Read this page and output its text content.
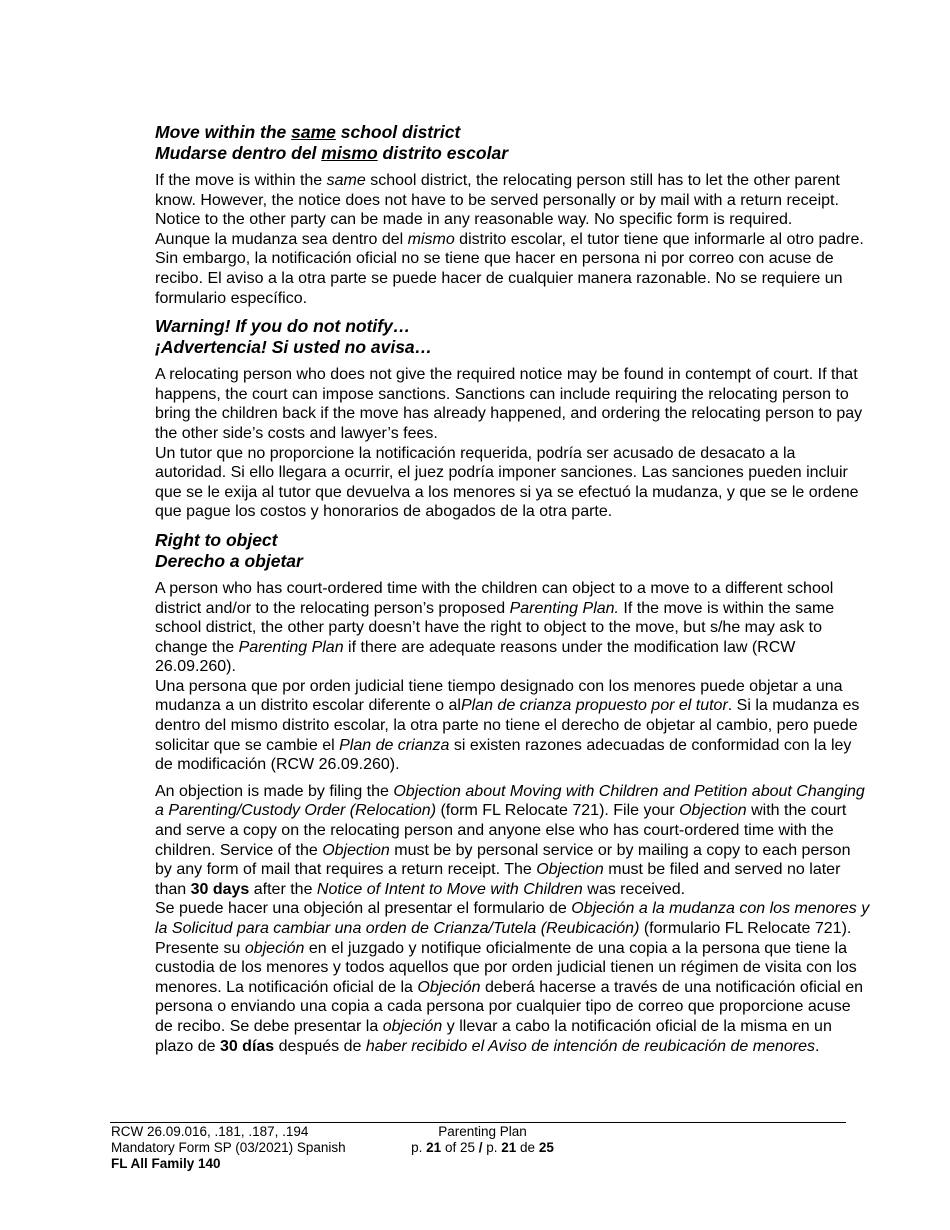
Move within the same school district
Mudarse dentro del mismo distrito escolar

If the move is within the same school district, the relocating person still has to let the other parent know. However, the notice does not have to be served personally or by mail with a return receipt. Notice to the other party can be made in any reasonable way. No specific form is required.

Aunque la mudanza sea dentro del mismo distrito escolar, el tutor tiene que informarle al otro padre. Sin embargo, la notificación oficial no se tiene que hacer en persona ni por correo con acuse de recibo. El aviso a la otra parte se puede hacer de cualquier manera razonable. No se requiere un formulario específico.

Warning! If you do not notify…
¡Advertencia! Si usted no avisa…

A relocating person who does not give the required notice may be found in contempt of court. If that happens, the court can impose sanctions. Sanctions can include requiring the relocating person to bring the children back if the move has already happened, and ordering the relocating person to pay the other side’s costs and lawyer’s fees.

Un tutor que no proporcione la notificación requerida, podría ser acusado de desacato a la autoridad. Si ello llegara a ocurrir, el juez podría imponer sanciones. Las sanciones pueden incluir que se le exija al tutor que devuelva a los menores si ya se efectuó la mudanza, y que se le ordene que pague los costos y honorarios de abogados de la otra parte.

Right to object
Derecho a objetar

A person who has court-ordered time with the children can object to a move to a different school district and/or to the relocating person’s proposed Parenting Plan. If the move is within the same school district, the other party doesn’t have the right to object to the move, but s/he may ask to change the Parenting Plan if there are adequate reasons under the modification law (RCW 26.09.260).

Una persona que por orden judicial tiene tiempo designado con los menores puede objetar a una mudanza a un distrito escolar diferente o alPlan de crianza propuesto por el tutor. Si la mudanza es dentro del mismo distrito escolar, la otra parte no tiene el derecho de objetar al cambio, pero puede solicitar que se cambie el Plan de crianza si existen razones adecuadas de conformidad con la ley de modificación (RCW 26.09.260).

An objection is made by filing the Objection about Moving with Children and Petition about Changing a Parenting/Custody Order (Relocation) (form FL Relocate 721). File your Objection with the court and serve a copy on the relocating person and anyone else who has court-ordered time with the children. Service of the Objection must be by personal service or by mailing a copy to each person by any form of mail that requires a return receipt. The Objection must be filed and served no later than 30 days after the Notice of Intent to Move with Children was received.

Se puede hacer una objeción al presentar el formulario de Objeción a la mudanza con los menores y la Solicitud para cambiar una orden de Crianza/Tutela (Reubicación) (formulario FL Relocate 721). Presente su objeción en el juzgado y notifique oficialmente de una copia a la persona que tiene la custodia de los menores y todos aquellos que por orden judicial tienen un régimen de visita con los menores. La notificación oficial de la Objeción deberá hacerse a través de una notificación oficial en persona o enviando una copia a cada persona por cualquier tipo de correo que proporcione acuse de recibo. Se debe presentar la objeción y llevar a cabo la notificación oficial de la misma en un plazo de 30 días después de haber recibido el Aviso de intención de reubicación de menores.

RCW 26.09.016, .181, .187, .194
Mandatory Form SP (03/2021) Spanish
FL All Family 140
Parenting Plan
p. 21 of 25 / p. 21 de 25
